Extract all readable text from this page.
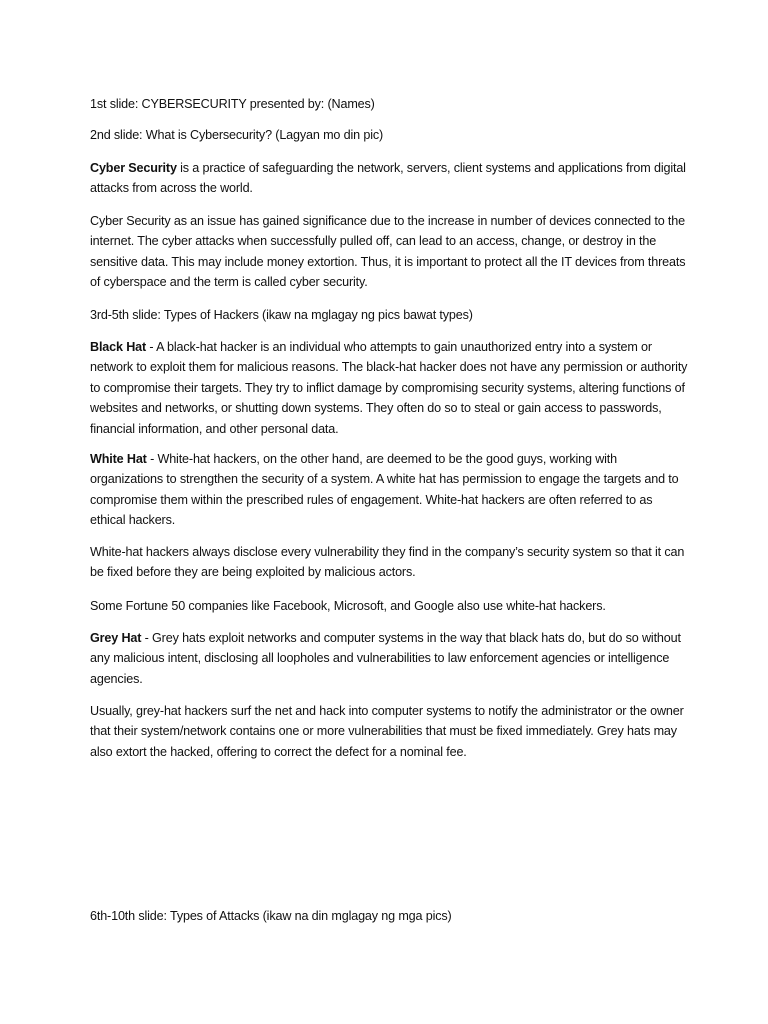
1st slide: CYBERSECURITY presented by: (Names)

2nd slide: What is Cybersecurity? (Lagyan mo din pic)

Cyber Security is a practice of safeguarding the network, servers, client systems and applications from digital attacks from across the world.

Cyber Security as an issue has gained significance due to the increase in number of devices connected to the internet. The cyber attacks when successfully pulled off, can lead to an access, change, or destroy in the sensitive data. This may include money extortion. Thus, it is important to protect all the IT devices from threats of cyberspace and the term is called cyber security.

3rd-5th slide: Types of Hackers (ikaw na mglagay ng pics bawat types)

Black Hat - A black-hat hacker is an individual who attempts to gain unauthorized entry into a system or network to exploit them for malicious reasons. The black-hat hacker does not have any permission or authority to compromise their targets. They try to inflict damage by compromising security systems, altering functions of websites and networks, or shutting down systems. They often do so to steal or gain access to passwords, financial information, and other personal data.

White Hat - White-hat hackers, on the other hand, are deemed to be the good guys, working with organizations to strengthen the security of a system. A white hat has permission to engage the targets and to compromise them within the prescribed rules of engagement. White-hat hackers are often referred to as ethical hackers.

White-hat hackers always disclose every vulnerability they find in the company’s security system so that it can be fixed before they are being exploited by malicious actors.

Some Fortune 50 companies like Facebook, Microsoft, and Google also use white-hat hackers.

Grey Hat - Grey hats exploit networks and computer systems in the way that black hats do, but do so without any malicious intent, disclosing all loopholes and vulnerabilities to law enforcement agencies or intelligence agencies.

Usually, grey-hat hackers surf the net and hack into computer systems to notify the administrator or the owner that their system/network contains one or more vulnerabilities that must be fixed immediately. Grey hats may also extort the hacked, offering to correct the defect for a nominal fee.

6th-10th slide: Types of Attacks (ikaw na din mglagay ng mga pics)
